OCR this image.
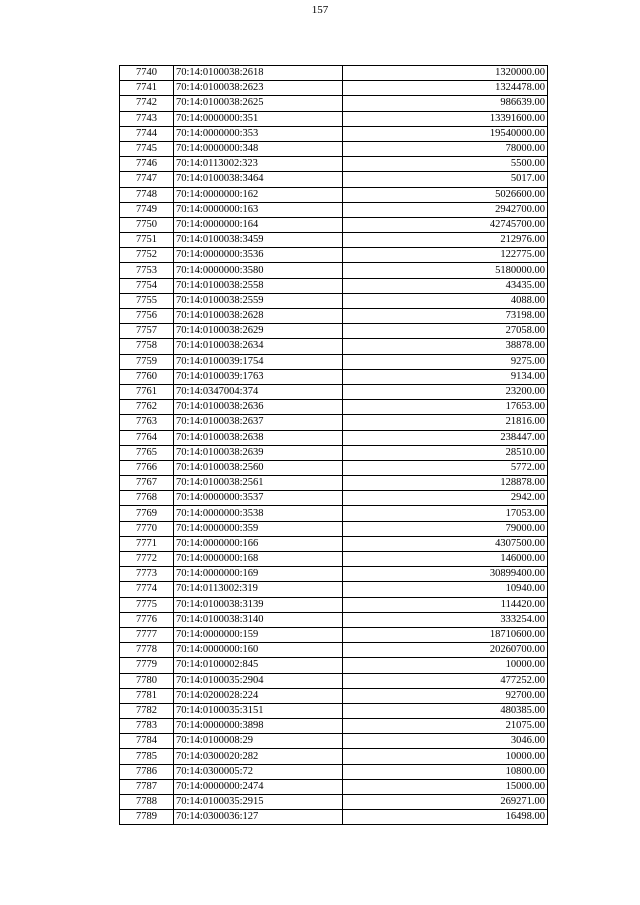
157
7740	70:14:0100038:2618	1320000.00
7741	70:14:0100038:2623	1324478.00
7742	70:14:0100038:2625	986639.00
7743	70:14:0000000:351	13391600.00
7744	70:14:0000000:353	19540000.00
7745	70:14:0000000:348	78000.00
7746	70:14:0113002:323	5500.00
7747	70:14:0100038:3464	5017.00
7748	70:14:0000000:162	5026600.00
7749	70:14:0000000:163	2942700.00
7750	70:14:0000000:164	42745700.00
7751	70:14:0100038:3459	212976.00
7752	70:14:0000000:3536	122775.00
7753	70:14:0000000:3580	5180000.00
7754	70:14:0100038:2558	43435.00
7755	70:14:0100038:2559	4088.00
7756	70:14:0100038:2628	73198.00
7757	70:14:0100038:2629	27058.00
7758	70:14:0100038:2634	38878.00
7759	70:14:0100039:1754	9275.00
7760	70:14:0100039:1763	9134.00
7761	70:14:0347004:374	23200.00
7762	70:14:0100038:2636	17653.00
7763	70:14:0100038:2637	21816.00
7764	70:14:0100038:2638	238447.00
7765	70:14:0100038:2639	28510.00
7766	70:14:0100038:2560	5772.00
7767	70:14:0100038:2561	128878.00
7768	70:14:0000000:3537	2942.00
7769	70:14:0000000:3538	17053.00
7770	70:14:0000000:359	79000.00
7771	70:14:0000000:166	4307500.00
7772	70:14:0000000:168	146000.00
7773	70:14:0000000:169	30899400.00
7774	70:14:0113002:319	10940.00
7775	70:14:0100038:3139	114420.00
7776	70:14:0100038:3140	333254.00
7777	70:14:0000000:159	18710600.00
7778	70:14:0000000:160	20260700.00
7779	70:14:0100002:845	10000.00
7780	70:14:0100035:2904	477252.00
7781	70:14:0200028:224	92700.00
7782	70:14:0100035:3151	480385.00
7783	70:14:0000000:3898	21075.00
7784	70:14:0100008:29	3046.00
7785	70:14:0300020:282	10000.00
7786	70:14:0300005:72	10800.00
7787	70:14:0000000:2474	15000.00
7788	70:14:0100035:2915	269271.00
7789	70:14:0300036:127	16498.00
